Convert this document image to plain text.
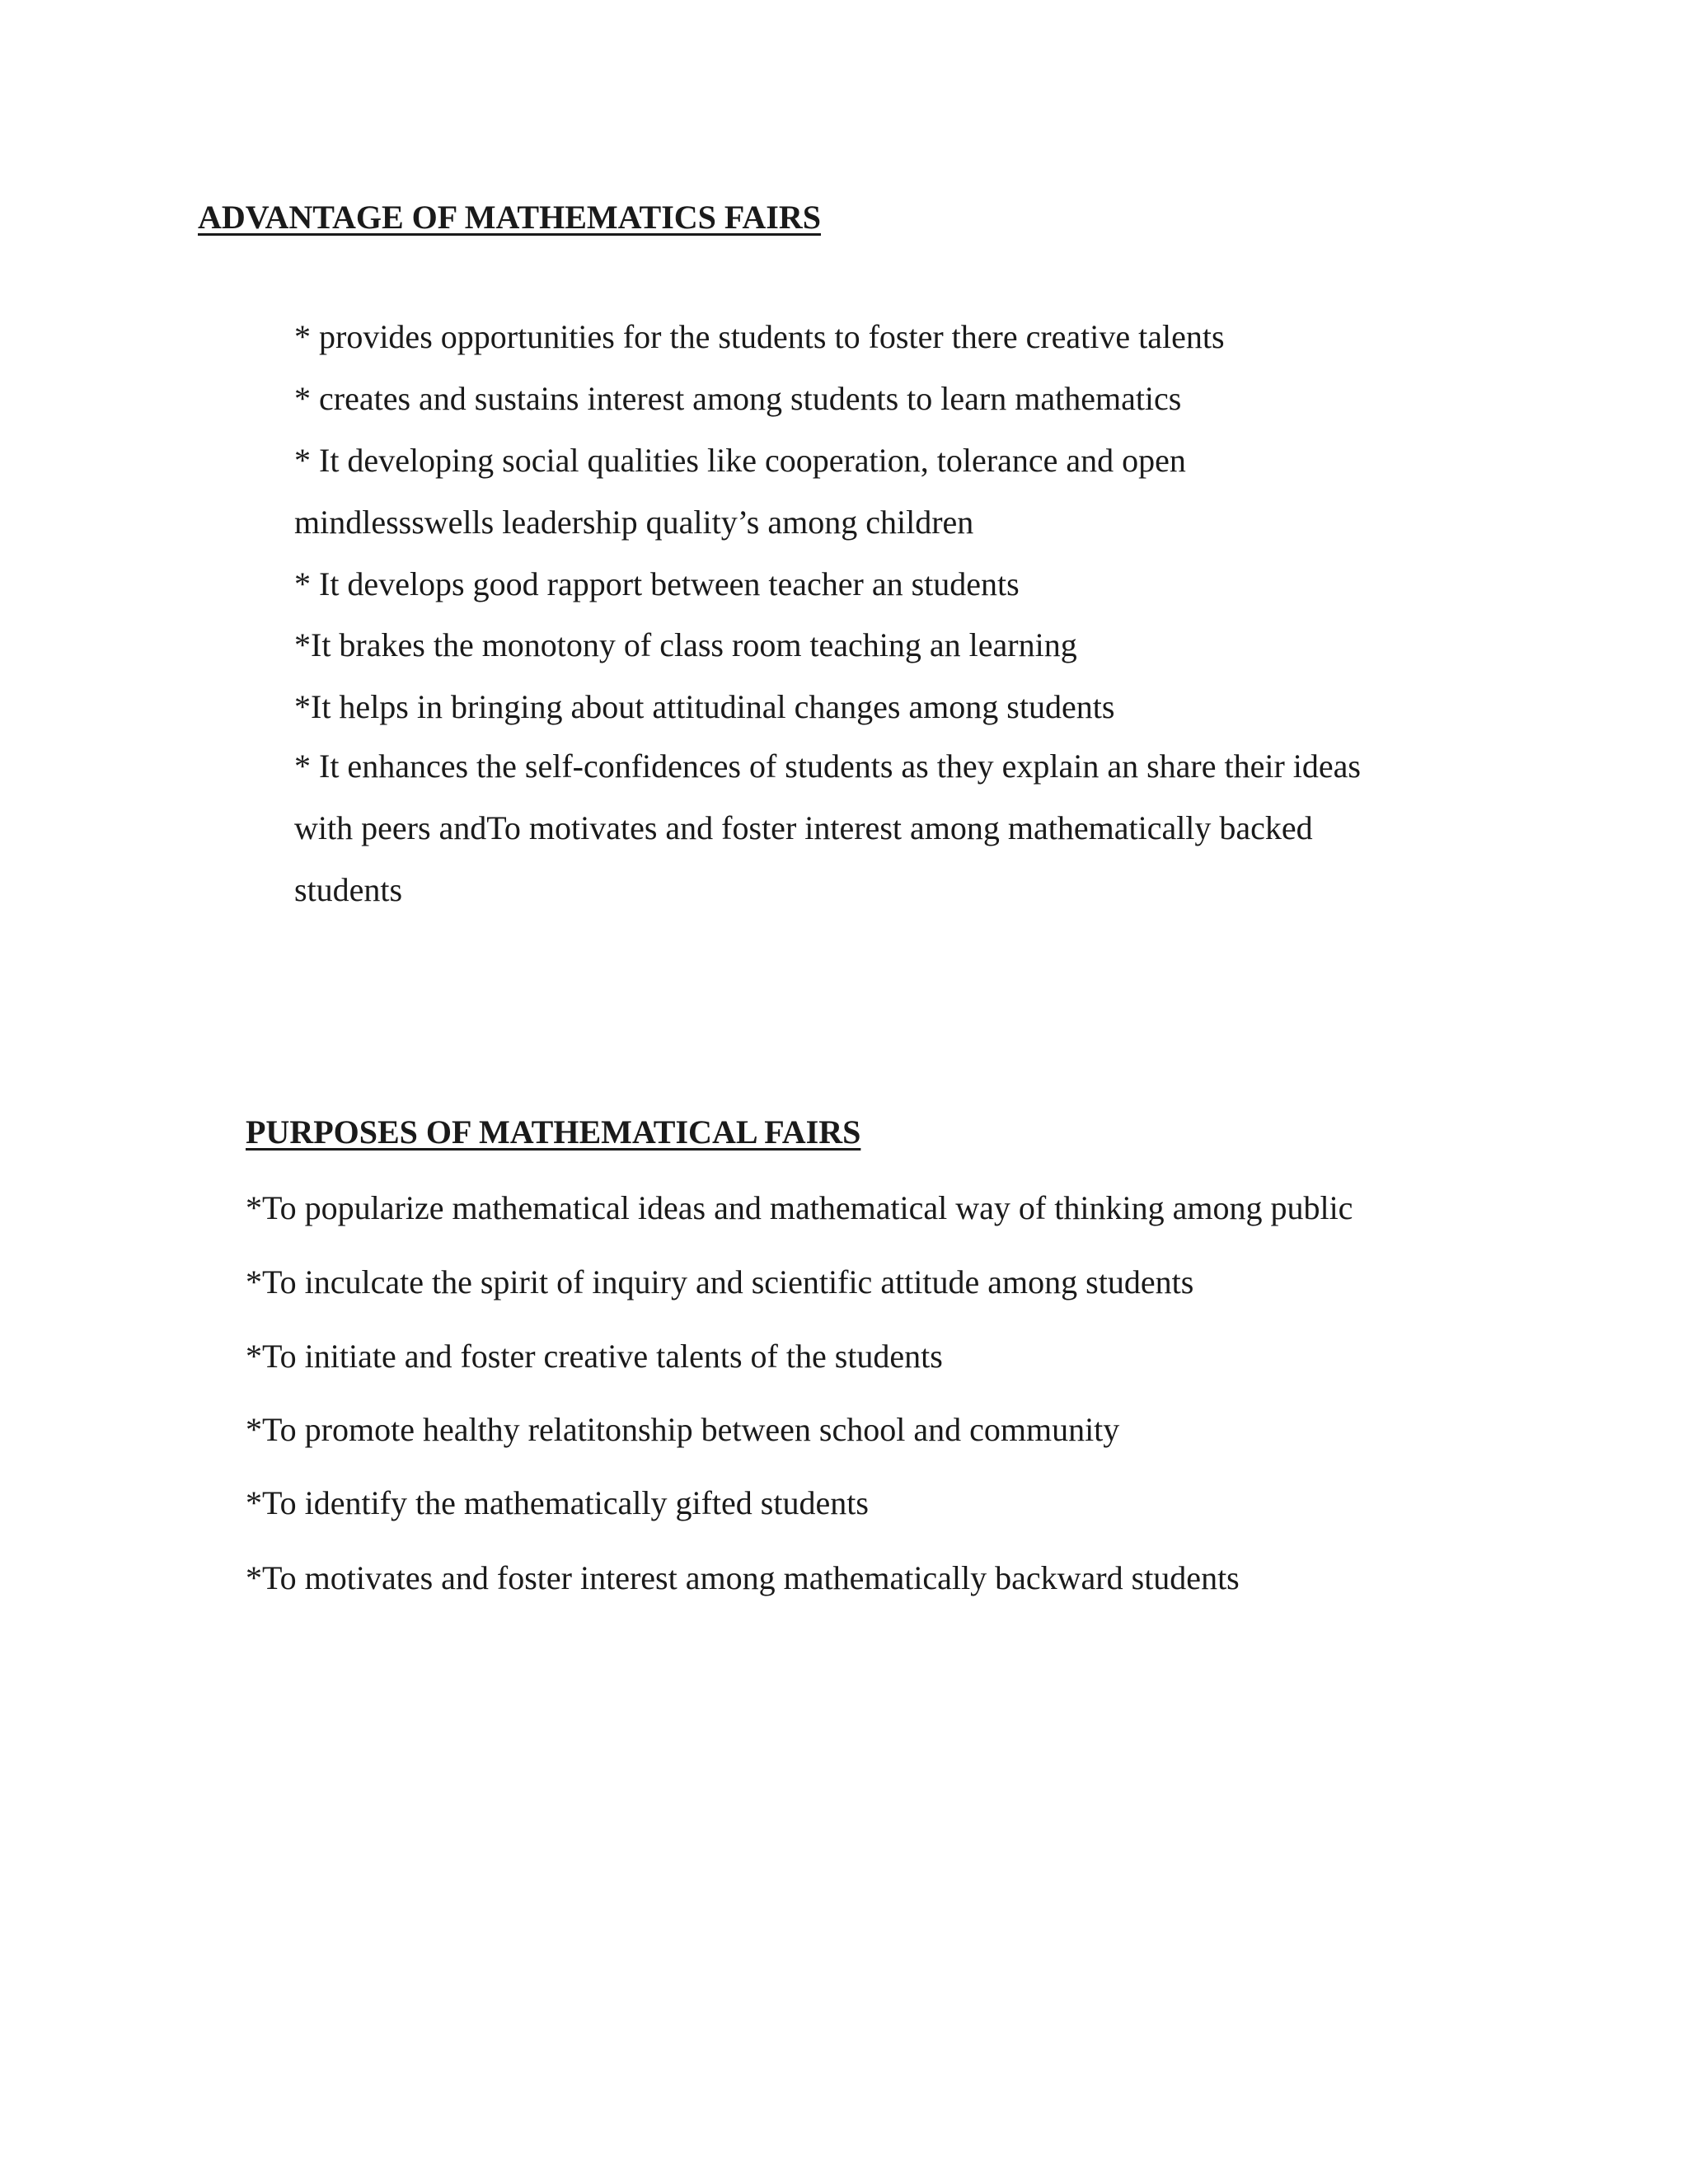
ADVANTAGE OF MATHEMATICS FAIRS

* provides opportunities for the students to foster there creative talents

* creates and sustains interest among students to learn mathematics

* It developing social qualities like cooperation, tolerance and open

mindlessswells leadership quality’s among children

* It develops good rapport between teacher an students

*It brakes the monotony of class room teaching an learning

*It helps in bringing about attitudinal changes among students

* It enhances the self-confidences of students as they explain an share their ideas

with peers andTo motivates and foster interest among mathematically backed

students

PURPOSES OF MATHEMATICAL FAIRS

*To popularize mathematical ideas and mathematical way of thinking among public

*To inculcate the spirit of inquiry and scientific attitude among students

*To initiate and foster creative talents of the students

*To promote healthy relatitonship between school and community

*To identify the mathematically gifted students

*To motivates and foster interest among mathematically backward students
